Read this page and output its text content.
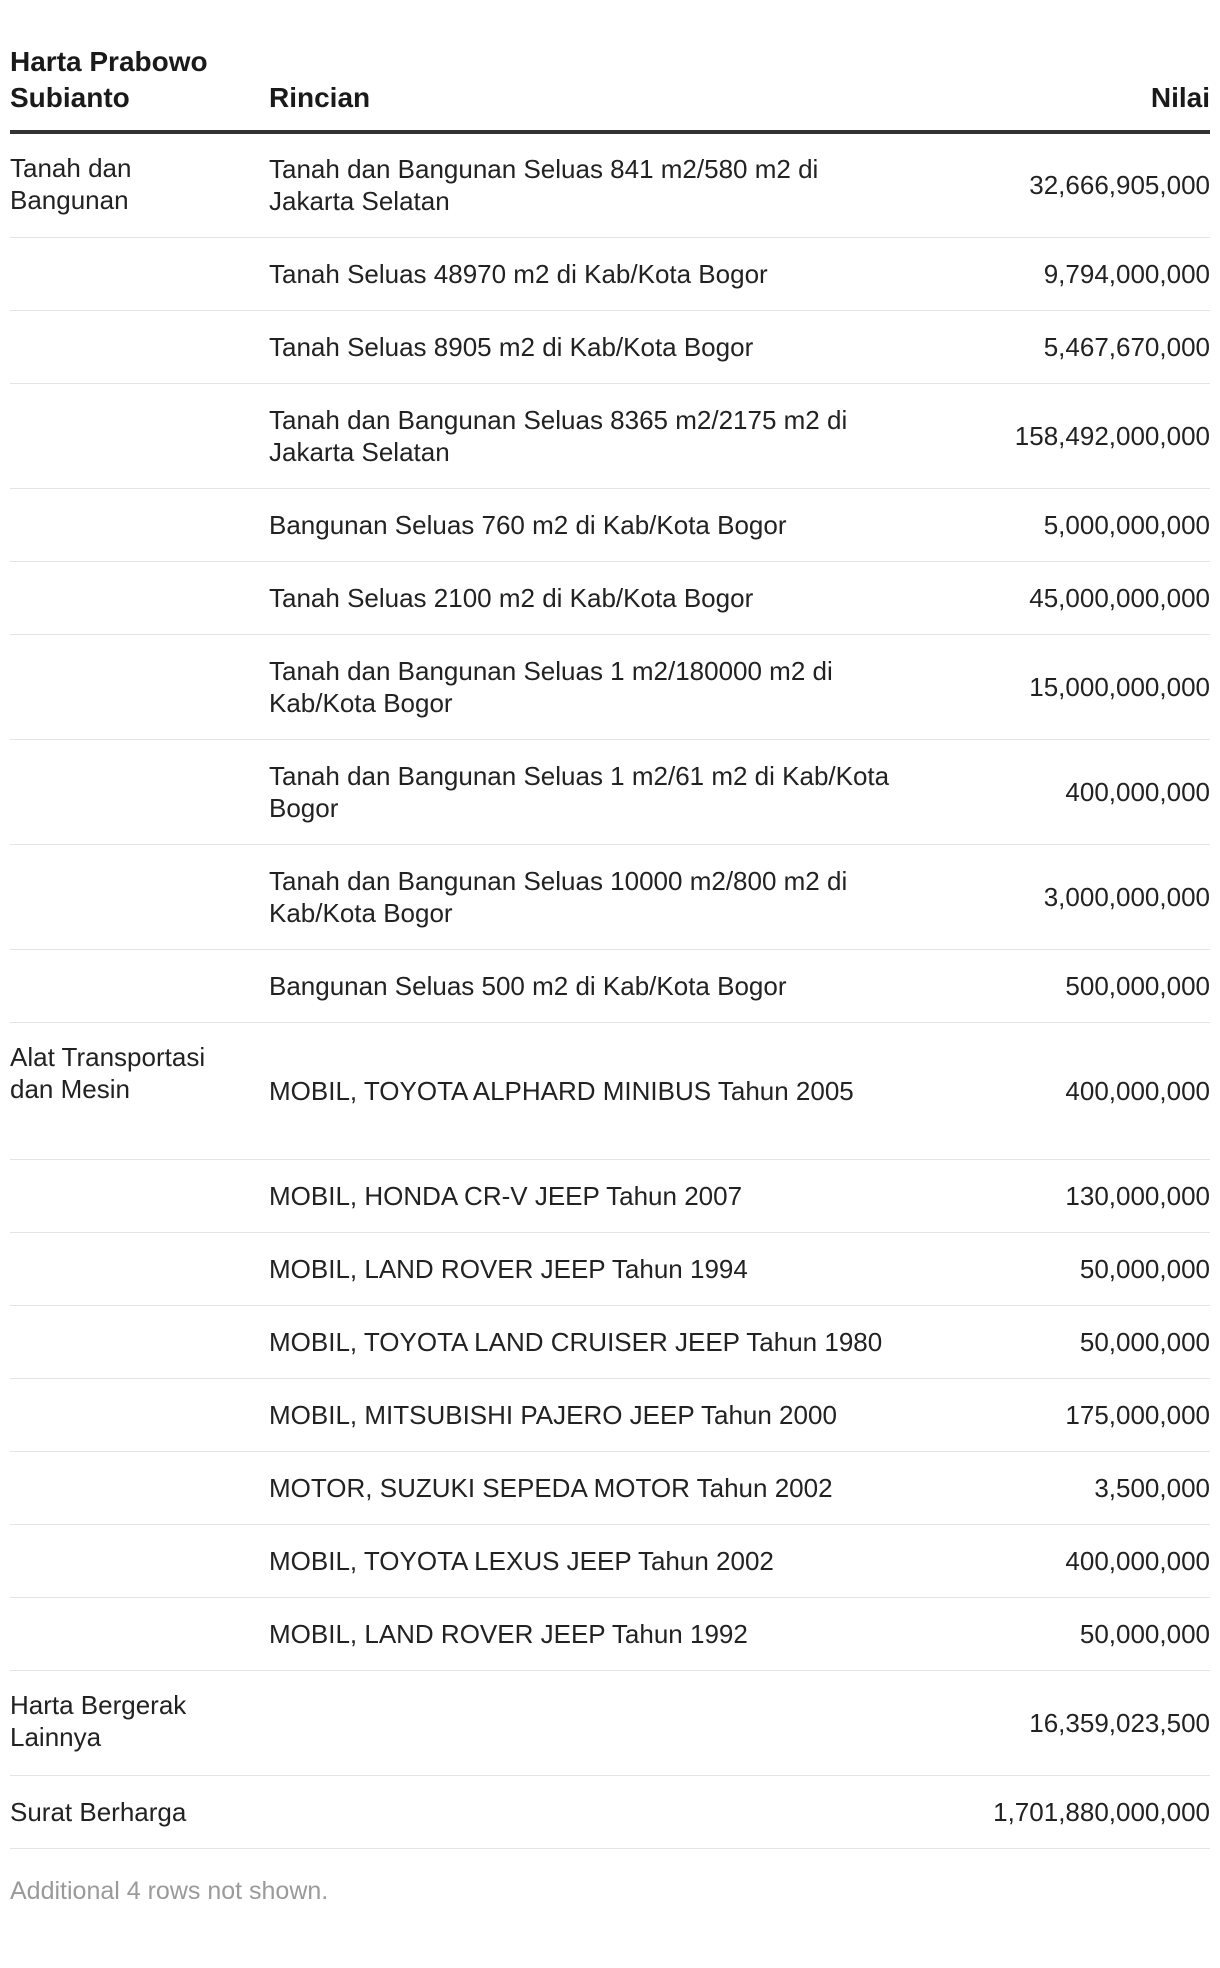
Harta Prabowo Subianto	Rincian	Nilai
Tanah dan Bangunan	Tanah dan Bangunan Seluas 841 m2/580 m2 di Jakarta Selatan	32,666,905,000

	Tanah Seluas 48970 m2 di Kab/Kota Bogor	9,794,000,000

	Tanah Seluas 8905 m2 di Kab/Kota Bogor	5,467,670,000

	Tanah dan Bangunan Seluas 8365 m2/2175 m2 di Jakarta Selatan	158,492,000,000

	Bangunan Seluas 760 m2 di Kab/Kota Bogor	5,000,000,000

	Tanah Seluas 2100 m2 di Kab/Kota Bogor	45,000,000,000

	Tanah dan Bangunan Seluas 1 m2/180000 m2 di Kab/Kota Bogor	15,000,000,000

	Tanah dan Bangunan Seluas 1 m2/61 m2 di Kab/Kota Bogor	400,000,000

	Tanah dan Bangunan Seluas 10000 m2/800 m2 di Kab/Kota Bogor	3,000,000,000

	Bangunan Seluas 500 m2 di Kab/Kota Bogor	500,000,000
Alat Transportasi dan Mesin	MOBIL, TOYOTA ALPHARD MINIBUS Tahun 2005	400,000,000

	MOBIL, HONDA CR-V JEEP Tahun 2007	130,000,000

	MOBIL, LAND ROVER JEEP Tahun 1994	50,000,000

	MOBIL, TOYOTA LAND CRUISER JEEP Tahun 1980	50,000,000

	MOBIL, MITSUBISHI PAJERO JEEP Tahun 2000	175,000,000

	MOTOR, SUZUKI SEPEDA MOTOR Tahun 2002	3,500,000

	MOBIL, TOYOTA LEXUS JEEP Tahun 2002	400,000,000

	MOBIL, LAND ROVER JEEP Tahun 1992	50,000,000
Harta Bergerak Lainnya		16,359,023,500
Surat Berharga		1,701,880,000,000
Additional 4 rows not shown.
